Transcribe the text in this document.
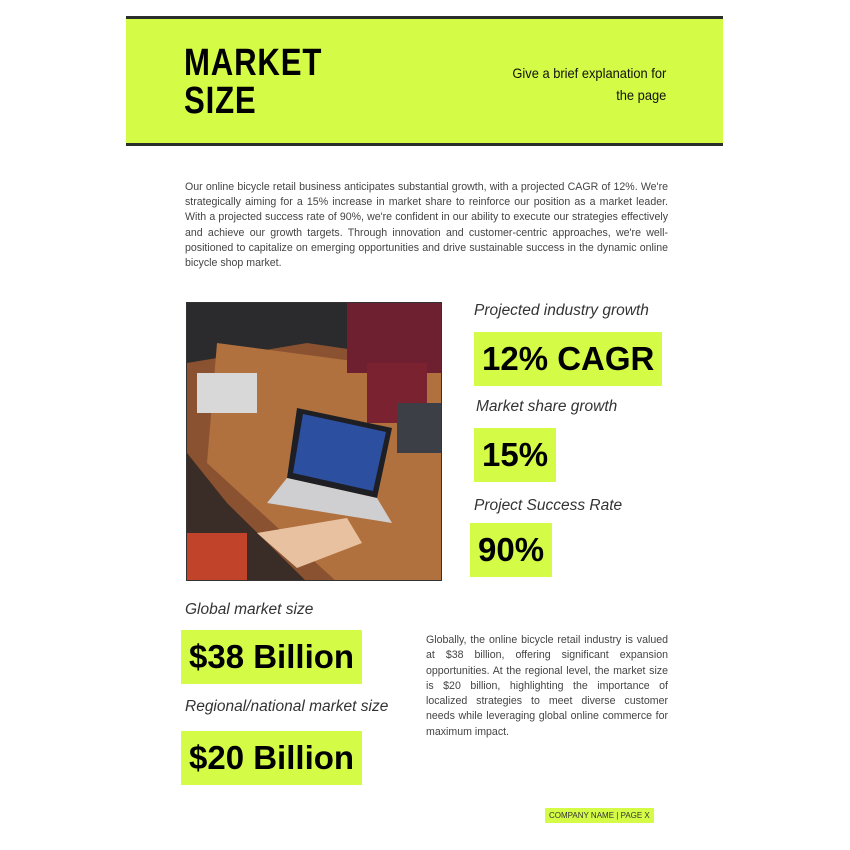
MARKET
SIZE
Give a brief explanation for
the page
Our online bicycle retail business anticipates substantial growth, with a projected CAGR of 12%. We're strategically aiming for a 15% increase in market share to reinforce our position as a market leader. With a projected success rate of 90%, we're confident in our ability to execute our strategies effectively and achieve our growth targets. Through innovation and customer-centric approaches, we're well-positioned to capitalize on emerging opportunities and drive sustainable success in the dynamic online bicycle shop market.
Projected industry growth
12% CAGR
Market share growth
15%
Project Success Rate
90%
Global market size
$38 Billion
Regional/national market size
$20 Billion
Globally, the online bicycle retail industry is valued at $38 billion, offering significant expansion opportunities. At the regional level, the market size is $20 billion, highlighting the importance of localized strategies to meet diverse customer needs while leveraging global online commerce for maximum impact.
COMPANY NAME | PAGE X
